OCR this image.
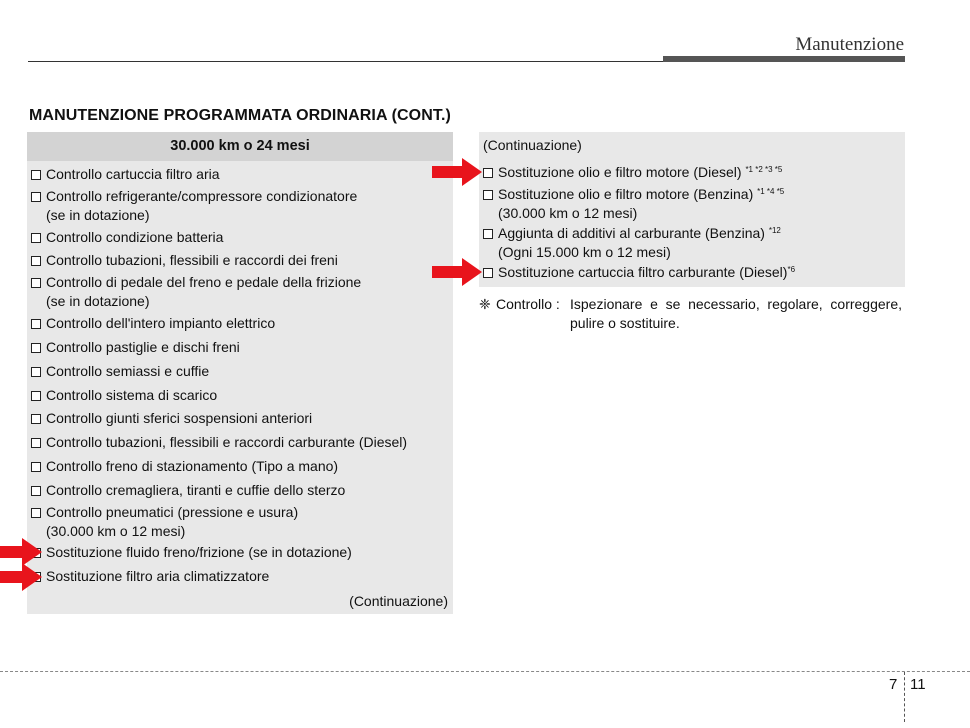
Manutenzione
MANUTENZIONE PROGRAMMATA ORDINARIA (CONT.)
30.000 km o 24 mesi
Controllo cartuccia filtro aria
Controllo refrigerante/compressore condizionatore
(se in dotazione)
Controllo condizione batteria
Controllo tubazioni, flessibili e raccordi dei freni
Controllo di pedale del freno e pedale della frizione
(se in dotazione)
Controllo dell'intero impianto elettrico
Controllo pastiglie e dischi freni
Controllo semiassi e cuffie
Controllo sistema di scarico
Controllo giunti sferici sospensioni anteriori
Controllo tubazioni, flessibili e raccordi carburante (Diesel)
Controllo freno di stazionamento (Tipo a mano)
Controllo cremagliera, tiranti e cuffie dello sterzo
Controllo pneumatici (pressione e usura)
(30.000 km o 12 mesi)
Sostituzione fluido freno/frizione (se in dotazione)
Sostituzione filtro aria climatizzatore
(Continuazione)
(Continuazione)
Sostituzione olio e filtro motore (Diesel) $^{*1 *2 *3 *5}$
Sostituzione olio e filtro motore (Benzina) $^{*1 *4 *5}$
(30.000 km o 12 mesi)
Aggiunta di additivi al carburante (Benzina) $^{*12}$
(Ogni 15.000 km o 12 mesi)
Sostituzione cartuccia filtro carburante (Diesel)$^{*6}$
❈ Controllo : Ispezionare e se necessario, regolare, correggere, pulire o sostituire.
7 11
